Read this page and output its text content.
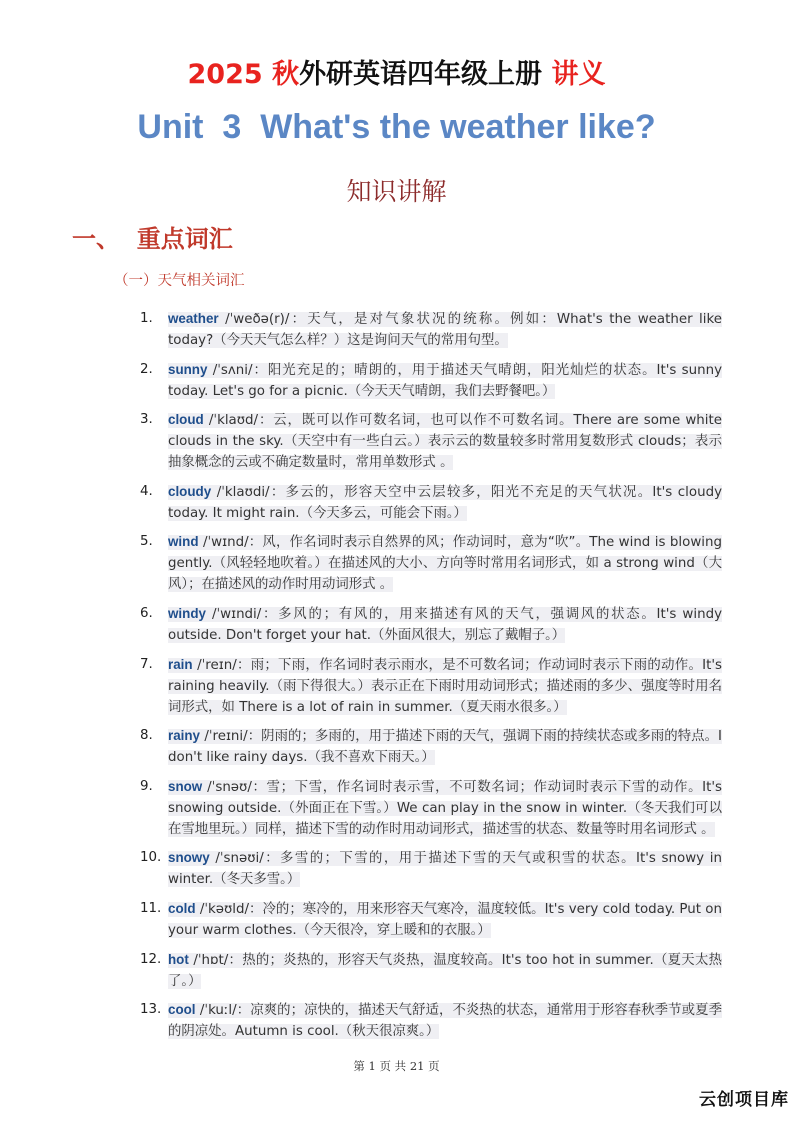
2025 秋外研英语四年级上册 讲义
Unit  3  What's the weather like?
知识讲解
一、  重点词汇
（一）天气相关词汇
1. weather /ˈweðə(r)/：天气，是对气象状况的统称。例如：What's the weather like today?（今天天气怎么样？）这是询问天气的常用句型。
2. sunny /ˈsʌni/：阳光充足的；晴朗的，用于描述天气晴朗，阳光灿烂的状态。It's sunny today. Let's go for a picnic.（今天天气晴朗，我们去野餐吧。）
3. cloud /ˈklaʊd/：云，既可以作可数名词，也可以作不可数名词。There are some white clouds in the sky.（天空中有一些白云。）表示云的数量较多时常用复数形式 clouds；表示抽象概念的云或不确定数量时，常用单数形式 。
4. cloudy /ˈklaʊdi/：多云的，形容天空中云层较多，阳光不充足的天气状况。It's cloudy today. It might rain.（今天多云，可能会下雨。）
5. wind /ˈwɪnd/：风，作名词时表示自然界的风；作动词时，意为“吹”。The wind is blowing gently.（风轻轻地吹着。）在描述风的大小、方向等时常用名词形式，如 a strong wind（大风）；在描述风的动作时用动词形式 。
6. windy /ˈwɪndi/：多风的；有风的，用来描述有风的天气，强调风的状态。It's windy outside. Don't forget your hat.（外面风很大，别忘了戴帽子。）
7. rain /ˈreɪn/：雨；下雨，作名词时表示雨水，是不可数名词；作动词时表示下雨的动作。It's raining heavily.（雨下得很大。）表示正在下雨时用动词形式；描述雨的多少、强度等时用名词形式，如 There is a lot of rain in summer.（夏天雨水很多。）
8. rainy /ˈreɪni/：阴雨的；多雨的，用于描述下雨的天气，强调下雨的持续状态或多雨的特点。I don't like rainy days.（我不喜欢下雨天。）
9. snow /ˈsnəʊ/：雪；下雪，作名词时表示雪，不可数名词；作动词时表示下雪的动作。It's snowing outside.（外面正在下雪。）We can play in the snow in winter.（冬天我们可以在雪地里玩。）同样，描述下雪的动作时用动词形式，描述雪的状态、数量等时用名词形式 。
10. snowy /ˈsnəʊi/：多雪的；下雪的，用于描述下雪的天气或积雪的状态。It's snowy in winter.（冬天多雪。）
11. cold /ˈkəʊld/：冷的；寒冷的，用来形容天气寒冷，温度较低。It's very cold today. Put on your warm clothes.（今天很冷，穿上暖和的衣服。）
12. hot /ˈhɒt/：热的；炎热的，形容天气炎热，温度较高。It's too hot in summer.（夏天太热了。）
13. cool /ˈkuːl/：凉爽的；凉快的，描述天气舒适，不炎热的状态，通常用于形容春秋季节或夏季的阴凉处。Autumn is cool.（秋天很凉爽。）
第 1 页 共 21 页
云创项目库
